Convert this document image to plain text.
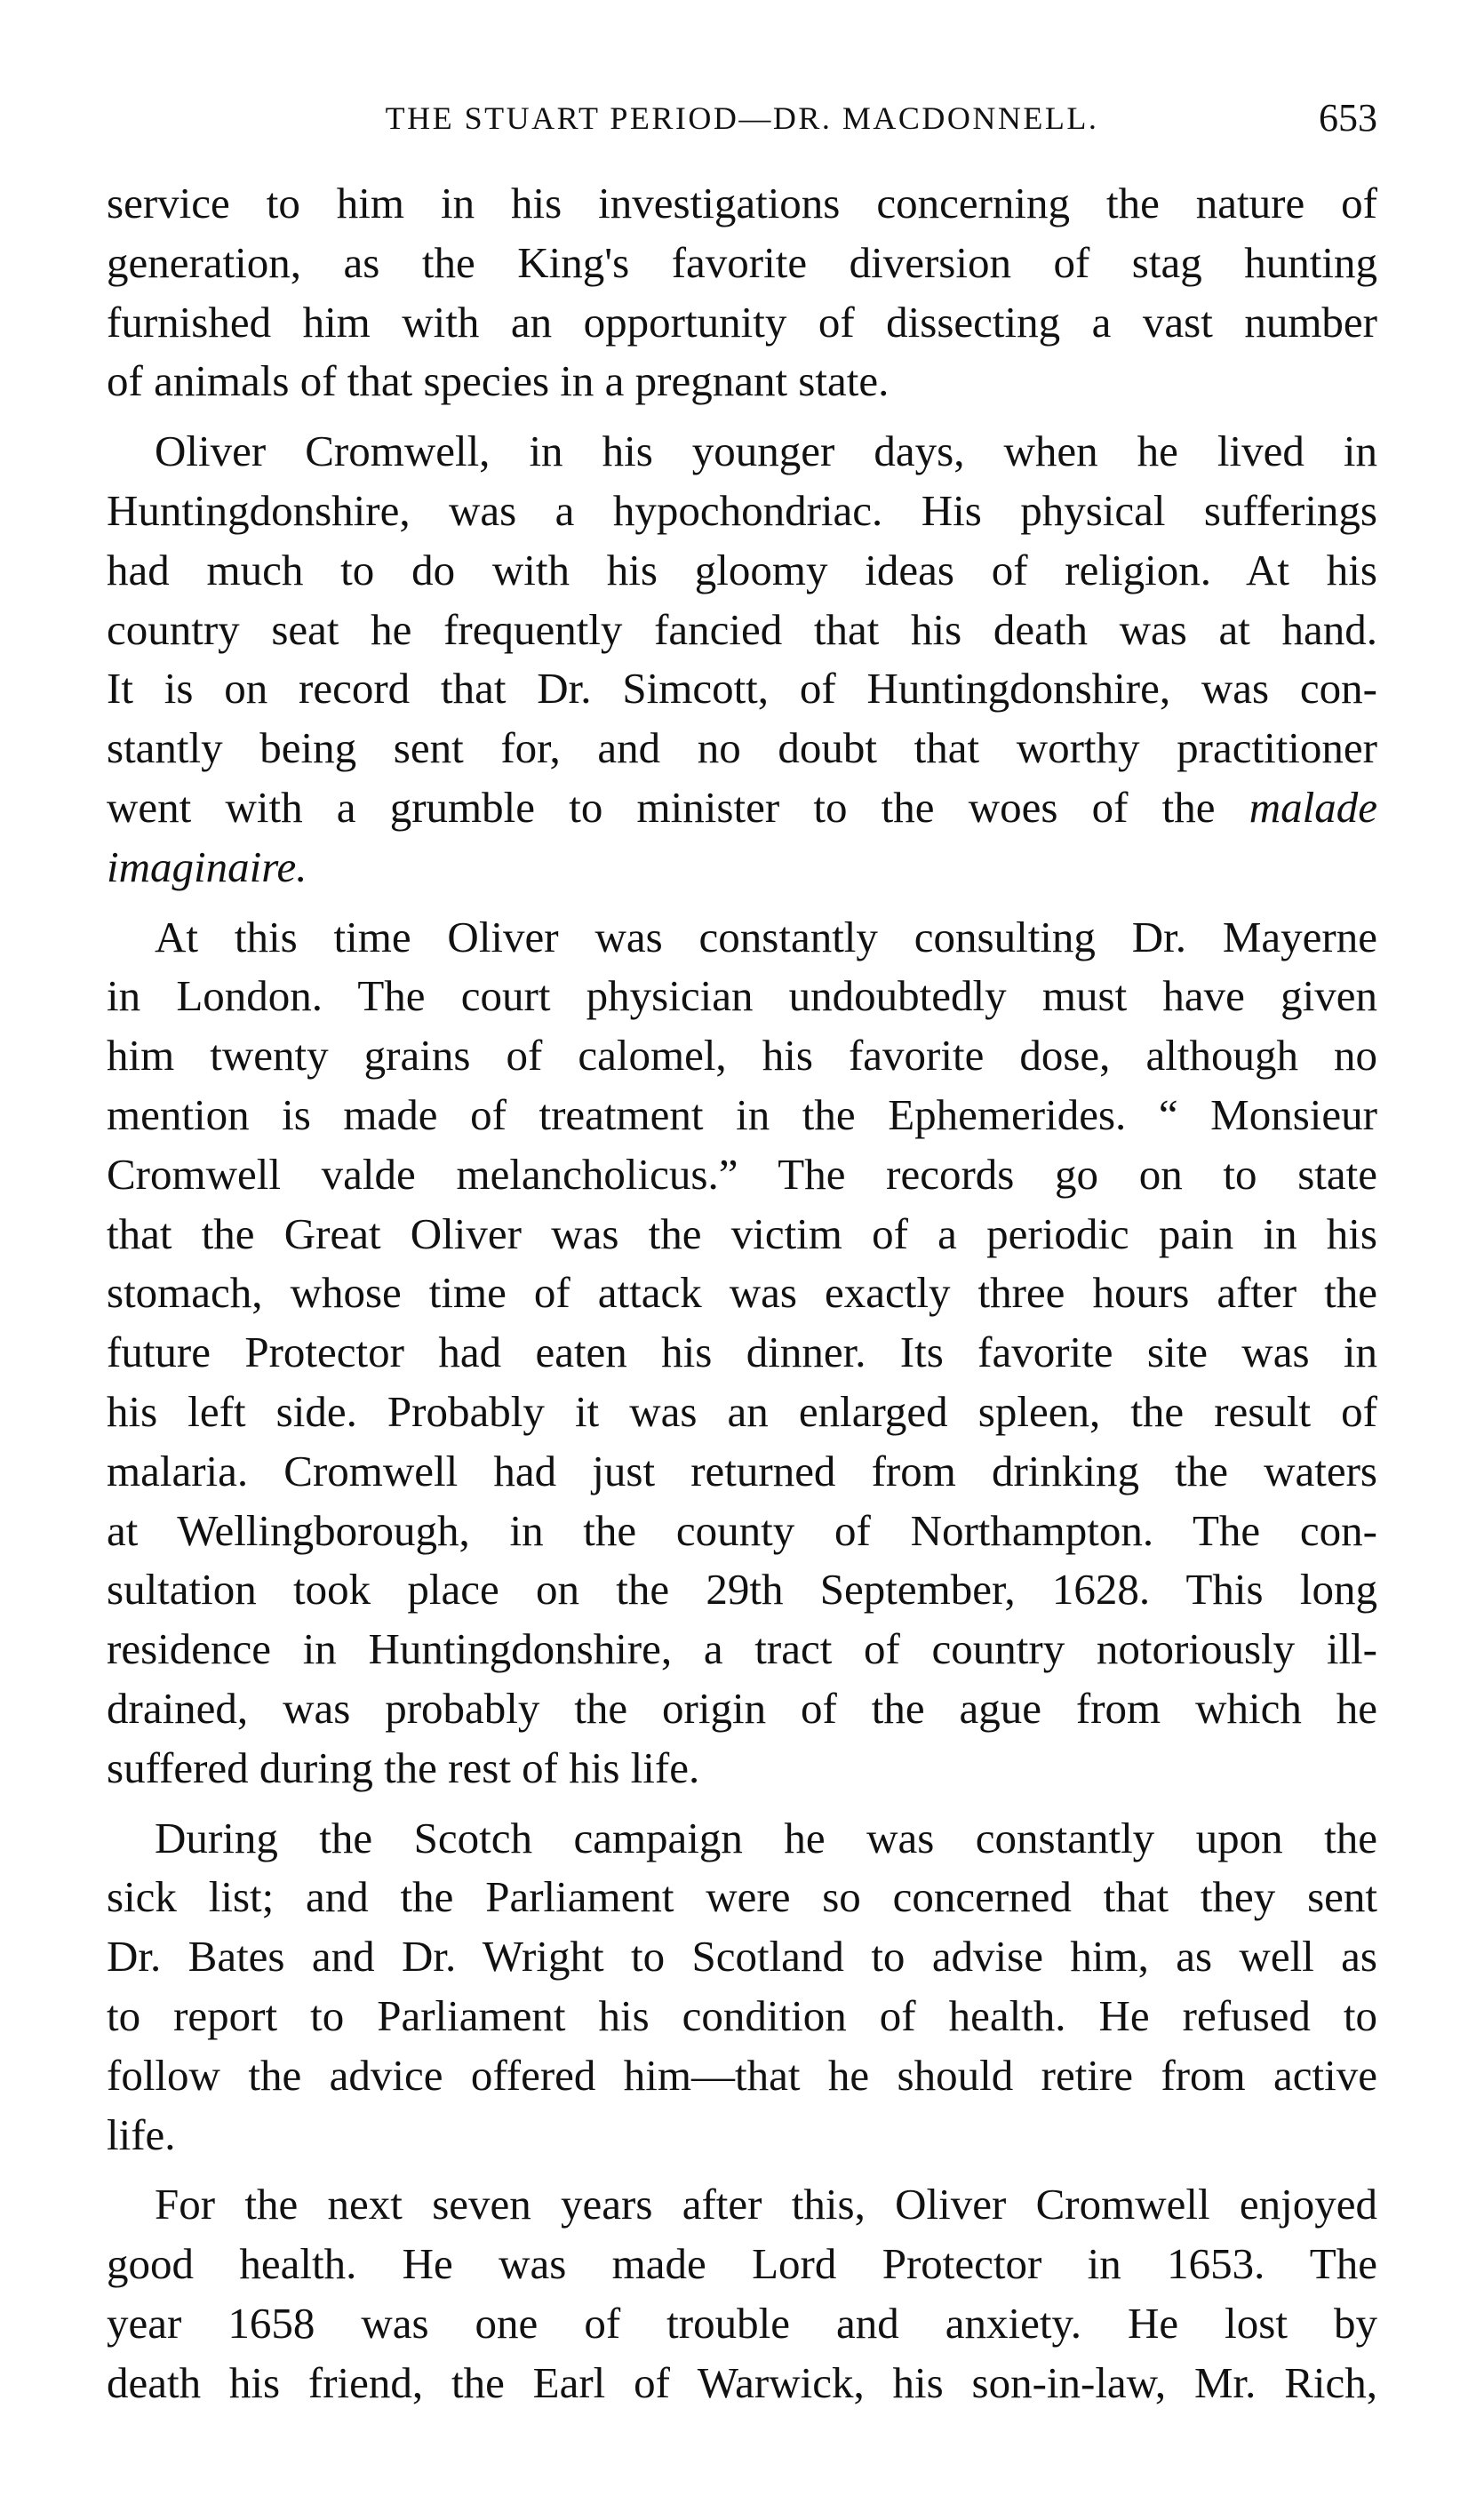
THE STUART PERIOD—DR. MACDONNELL.	653

service to him in his investigations concerning the nature of
generation, as the King's favorite diversion of stag hunting
furnished him with an opportunity of dissecting a vast number
of animals of that species in a pregnant state.

Oliver Cromwell, in his younger days, when he lived in
Huntingdonshire, was a hypochondriac. His physical sufferings
had much to do with his gloomy ideas of religion. At his
country seat he frequently fancied that his death was at hand.
It is on record that Dr. Simcott, of Huntingdonshire, was con-
stantly being sent for, and no doubt that worthy practitioner
went with a grumble to minister to the woes of the malade
imaginaire.

At this time Oliver was constantly consulting Dr. Mayerne
in London. The court physician undoubtedly must have given
him twenty grains of calomel, his favorite dose, although no
mention is made of treatment in the Ephemerides. “ Monsieur
Cromwell valde melancholicus.” The records go on to state
that the Great Oliver was the victim of a periodic pain in his
stomach, whose time of attack was exactly three hours after the
future Protector had eaten his dinner. Its favorite site was in
his left side. Probably it was an enlarged spleen, the result of
malaria. Cromwell had just returned from drinking the waters
at Wellingborough, in the county of Northampton. The con-
sultation took place on the 29th September, 1628. This long
residence in Huntingdonshire, a tract of country notoriously ill-
drained, was probably the origin of the ague from which he
suffered during the rest of his life.

During the Scotch campaign he was constantly upon the
sick list; and the Parliament were so concerned that they sent
Dr. Bates and Dr. Wright to Scotland to advise him, as well as
to report to Parliament his condition of health. He refused to
follow the advice offered him—that he should retire from active
life.

For the next seven years after this, Oliver Cromwell enjoyed
good health. He was made Lord Protector in 1653. The
year 1658 was one of trouble and anxiety. He lost by
death his friend, the Earl of Warwick, his son-in-law, Mr. Rich,
